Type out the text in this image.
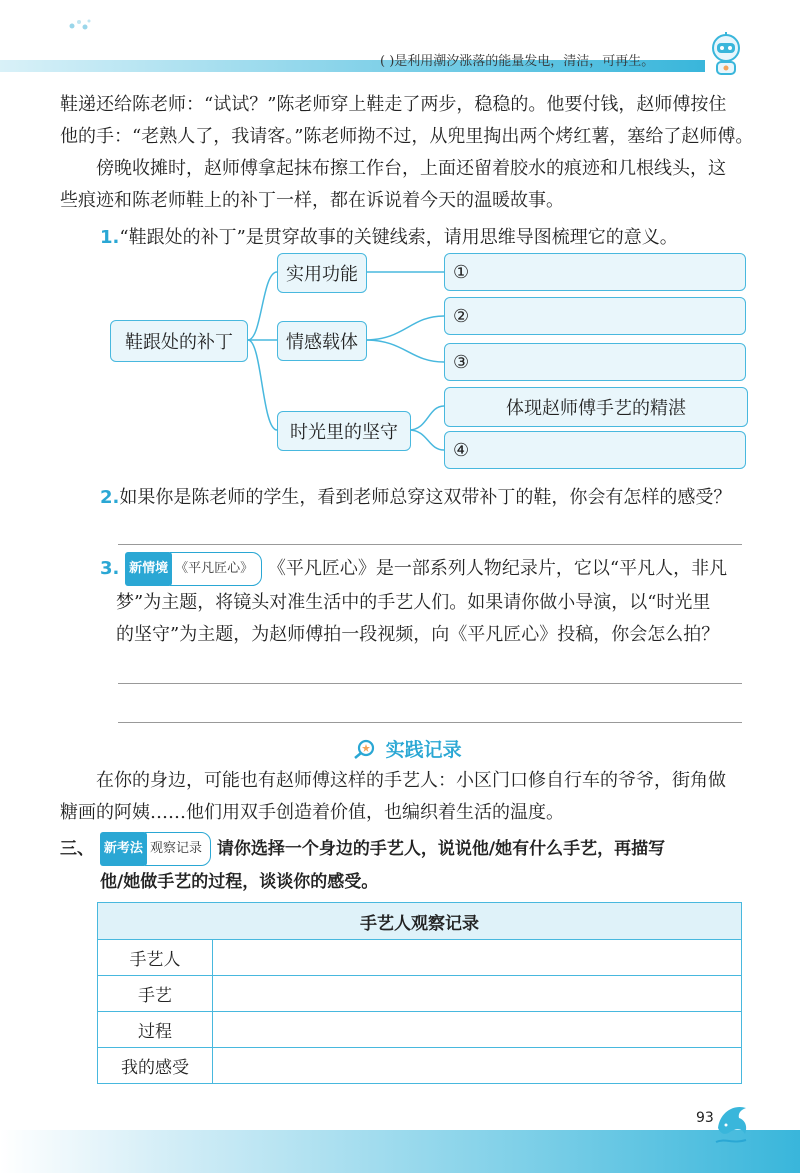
( )是利用潮汐涨落的能量发电，清洁，可再生。
鞋递还给陈老师：“试试？”陈老师穿上鞋走了两步，稳稳的。他要付钱，赵师傅按住
他的手：“老熟人了，我请客。”陈老师拗不过，从兜里掏出两个烤红薯，塞给了赵师傅。
傍晚收摊时，赵师傅拿起抹布擦工作台，上面还留着胶水的痕迹和几根线头，这
些痕迹和陈老师鞋上的补丁一样，都在诉说着今天的温暖故事。
1.“鞋跟处的补丁”是贯穿故事的关键线索，请用思维导图梳理它的意义。
鞋跟处的补丁
实用功能
情感载体
时光里的坚守
①
②
③
体现赵师傅手艺的精湛
④
2.如果你是陈老师的学生，看到老师总穿这双带补丁的鞋，你会有怎样的感受？
3. 新情境 《平凡匠心》 《平凡匠心》是一部系列人物纪录片，它以“平凡人，非凡
梦”为主题，将镜头对准生活中的手艺人们。如果请你做小导演，以“时光里
的坚守”为主题，为赵师傅拍一段视频，向《平凡匠心》投稿，你会怎么拍？
实践记录
在你的身边，可能也有赵师傅这样的手艺人：小区门口修自行车的爷爷，街角做
糖画的阿姨……他们用双手创造着价值，也编织着生活的温度。
三、 新考法 观察记录 请你选择一个身边的手艺人，说说他/她有什么手艺，再描写
他/她做手艺的过程，谈谈你的感受。
手艺人观察记录	
手艺人	
手艺	
过程	
我的感受	
93
